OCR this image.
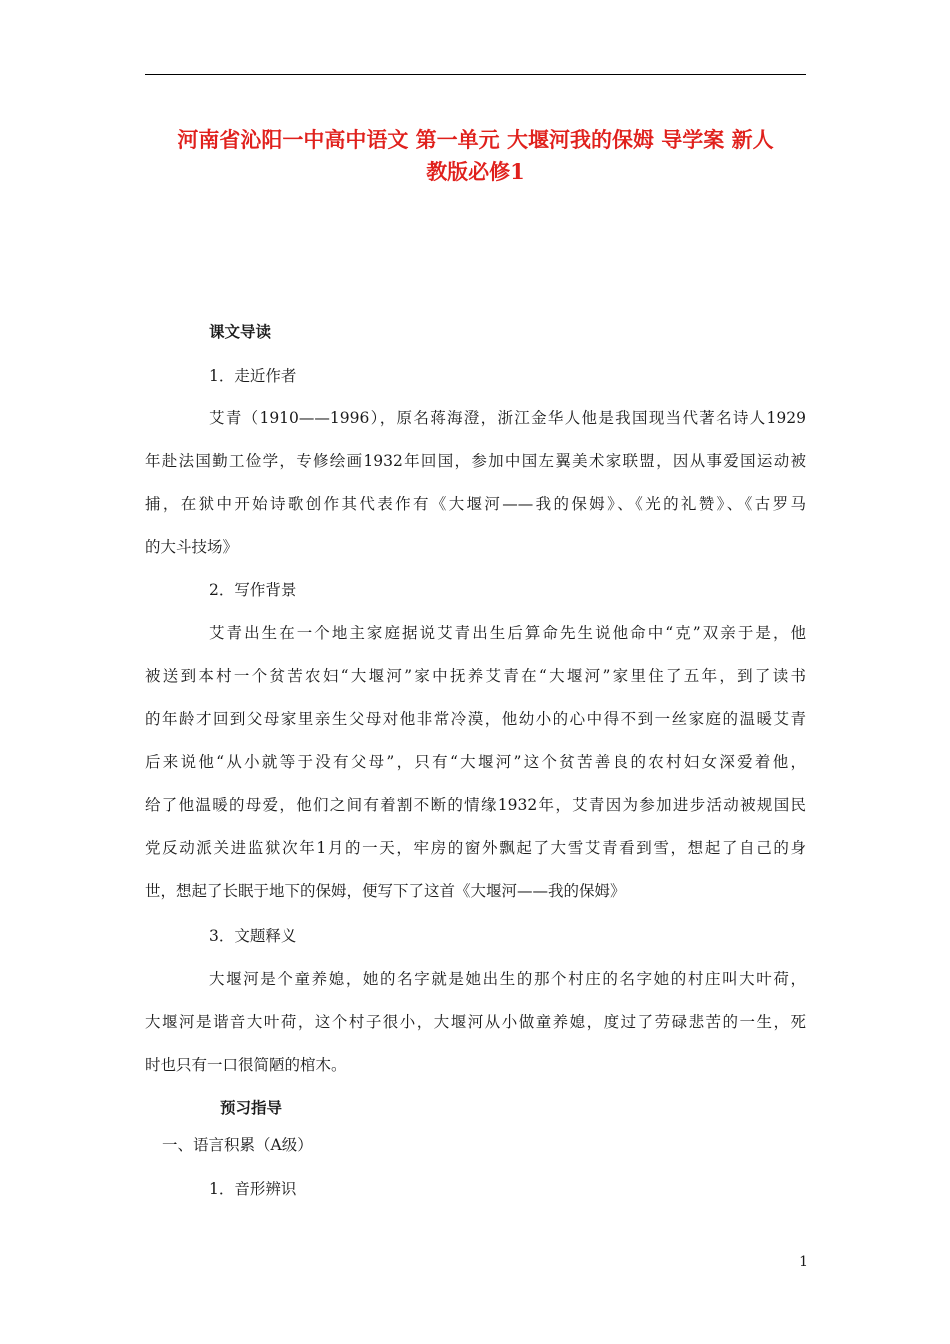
河南省沁阳一中高中语文 第一单元 大堰河我的保姆 导学案 新人
教版必修1
课文导读
1．走近作者
艾青（1910——1996），原名蒋海澄，浙江金华人他是我国现当代著名诗人1929
年赴法国勤工俭学，专修绘画1932年回国，参加中国左翼美术家联盟，因从事爱国运动被
捕，在狱中开始诗歌创作其代表作有《大堰河——我的保姆》、《光的礼赞》、《古罗马
的大斗技场》
2．写作背景
艾青出生在一个地主家庭据说艾青出生后算命先生说他命中“克”双亲于是，他
被送到本村一个贫苦农妇“大堰河”家中抚养艾青在“大堰河”家里住了五年，到了读书
的年龄才回到父母家里亲生父母对他非常冷漠，他幼小的心中得不到一丝家庭的温暖艾青
后来说他“从小就等于没有父母”，只有“大堰河”这个贫苦善良的农村妇女深爱着他，
给了他温暖的母爱，他们之间有着割不断的情缘1932年，艾青因为参加进步活动被规国民
党反动派关进监狱次年1月的一天，牢房的窗外飘起了大雪艾青看到雪，想起了自己的身
世，想起了长眠于地下的保姆，便写下了这首《大堰河——我的保姆》
3．文题释义
大堰河是个童养媳，她的名字就是她出生的那个村庄的名字她的村庄叫大叶荷，
大堰河是谐音大叶荷，这个村子很小，大堰河从小做童养媳，度过了劳碌悲苦的一生，死
时也只有一口很简陋的棺木。
预习指导
一、语言积累（A级）
1．音形辨识
1
